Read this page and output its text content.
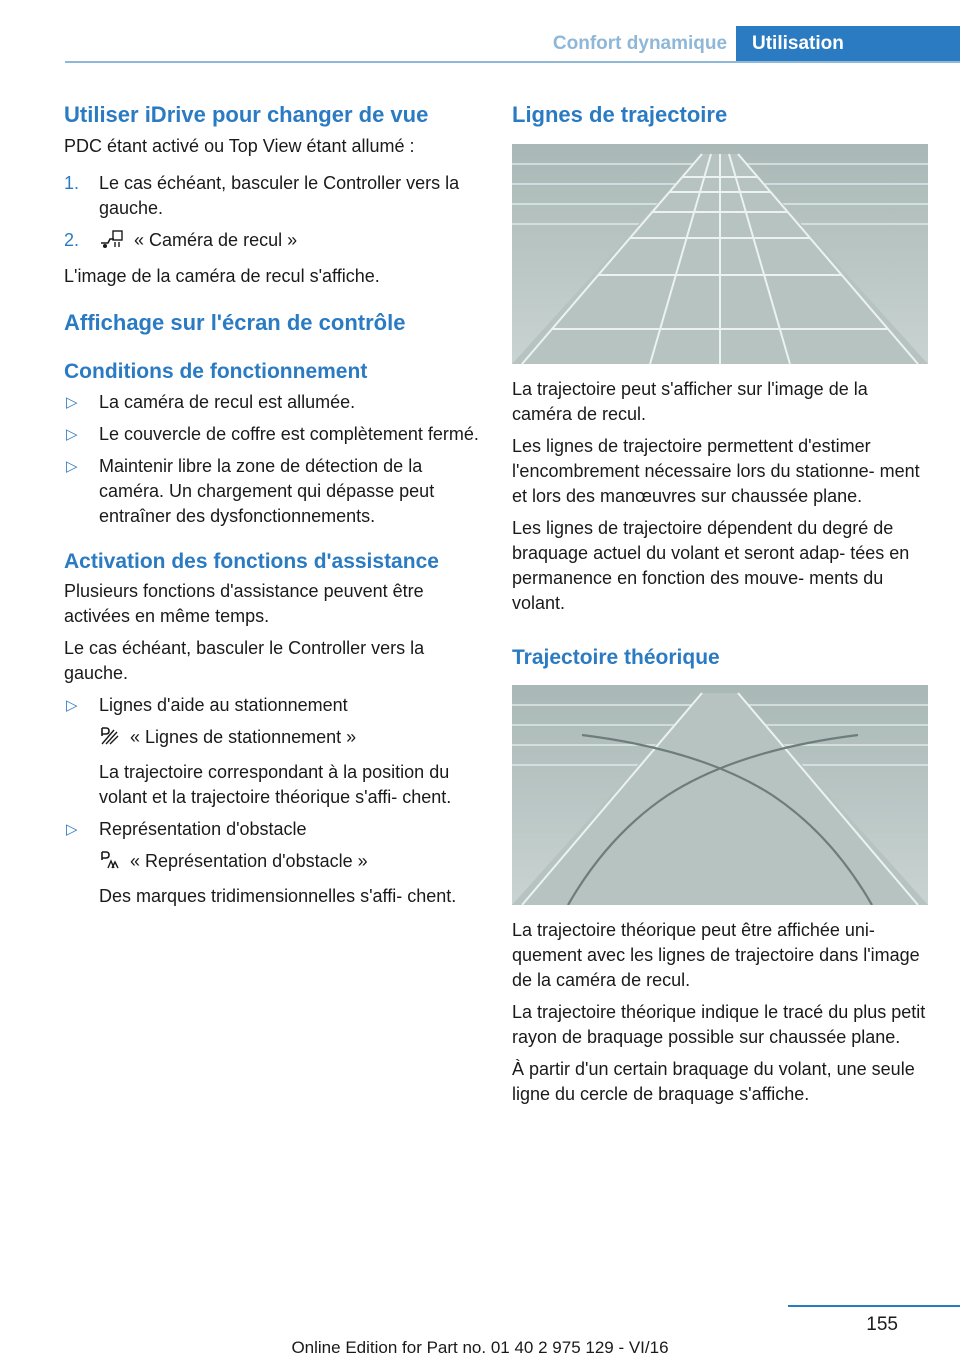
Confort dynamique	Utilisation
Utiliser iDrive pour changer de vue

PDC étant activé ou Top View étant allumé :

1. Le cas échéant, basculer le Controller vers la gauche.
2.	« Caméra de recul »

L'image de la caméra de recul s'affiche.

Affichage sur l'écran de contrôle
Conditions de fonctionnement
▷ La caméra de recul est allumée.
▷ Le couvercle de coffre est complètement fermé.
▷ Maintenir libre la zone de détection de la caméra. Un chargement qui dépasse peut entraîner des dysfonctionnements.
Activation des fonctions d'assistance

Plusieurs fonctions d'assistance peuvent être activées en même temps.

Le cas échéant, basculer le Controller vers la gauche.

▷ Lignes d'aide au stationnement
« Lignes de stationnement »
La trajectoire correspondant à la position du volant et la trajectoire théorique s'affi- chent.
▷ Représentation d'obstacle
« Représentation d'obstacle »
Des marques tridimensionnelles s'affi- chent.
Lignes de trajectoire

La trajectoire peut s'afficher sur l'image de la caméra de recul.

Les lignes de trajectoire permettent d'estimer l'encombrement nécessaire lors du stationne- ment et lors des manœuvres sur chaussée plane.

Les lignes de trajectoire dépendent du degré de braquage actuel du volant et seront adap- tées en permanence en fonction des mouve- ments du volant.

Trajectoire théorique

La trajectoire théorique peut être affichée uni- quement avec les lignes de trajectoire dans l'image de la caméra de recul.

La trajectoire théorique indique le tracé du plus petit rayon de braquage possible sur chaussée plane.

À partir d'un certain braquage du volant, une seule ligne du cercle de braquage s'affiche.

155
Online Edition for Part no. 01 40 2 975 129 - VI/16
